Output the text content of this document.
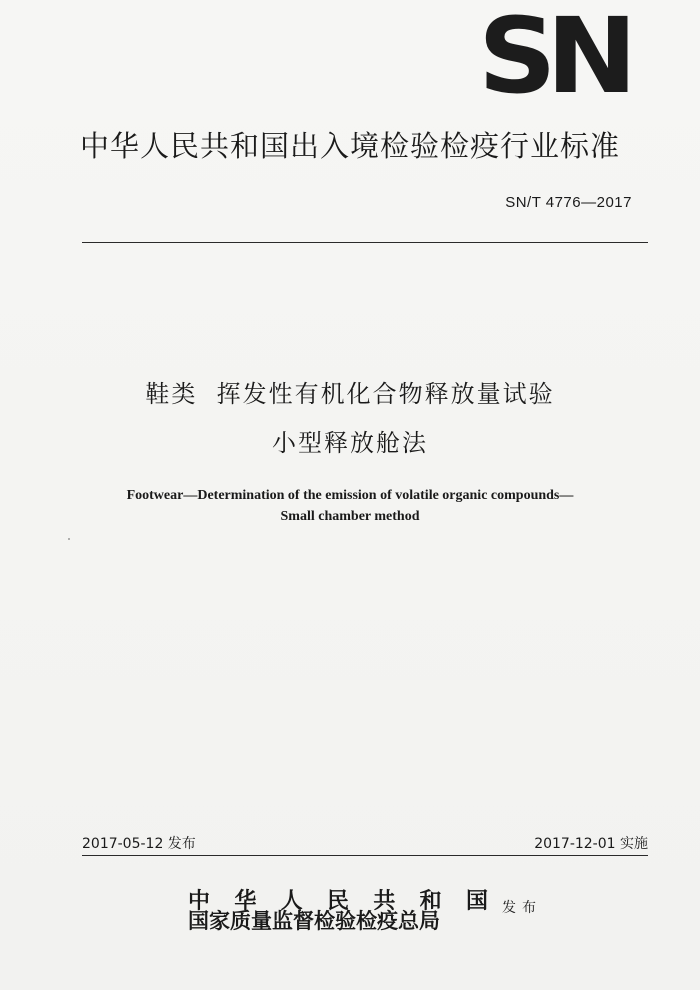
SN
中华人民共和国出入境检验检疫行业标准
SN/T 4776—2017
鞋类  挥发性有机化合物释放量试验
小型释放舱法
Footwear—Determination of the emission of volatile organic compounds—
Small chamber method
2017-05-12 发布	2017-12-01 实施
中 华 人 民 共 和 国
国家质量监督检验检疫总局	发布
